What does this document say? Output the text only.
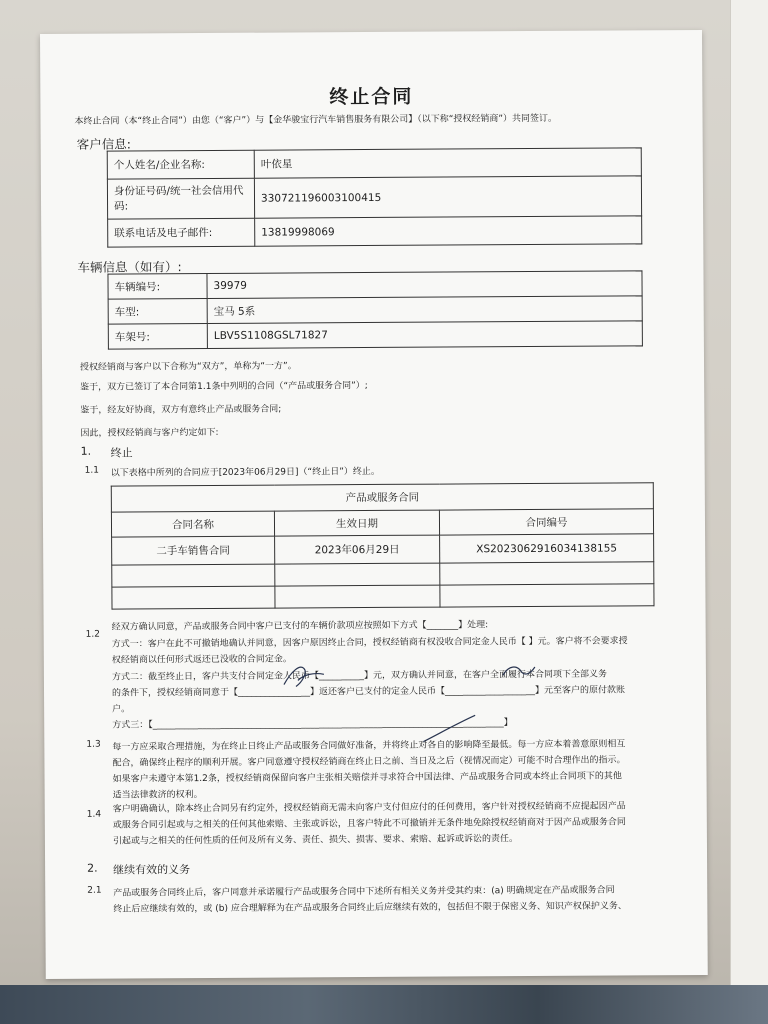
终止合同
本终止合同（本“终止合同”）由您（“客户”）与【金华骏宝行汽车销售服务有限公司】（以下称“授权经销商”）共同签订。
客户信息:
个人姓名/企业名称:	叶依星
身份证号码/统一社会信用代码:	330721196003100415
联系电话及电子邮件:	13819998069
车辆信息（如有）:
车辆编号:	39979
车型:	宝马 5系
车架号:	LBV5S1108GSL71827
授权经销商与客户以下合称为“双方”，单称为“一方”。
鉴于，双方已签订了本合同第1.1条中列明的合同（“产品或服务合同”）;
鉴于，经友好协商，双方有意终止产品或服务合同;
因此，授权经销商与客户约定如下:
1. 终止
1.1 以下表格中所列的合同应于[2023年06月29日]（“终止日”）终止。
产品或服务合同		
合同名称	生效日期	合同编号
二手车销售合同	2023年06月29日	XS20230629160341​38155

1.2
经双方确认同意，产品或服务合同中客户已支付的车辆价款项应按照如下方式【_______】处理:
方式一：客户在此不可撤销地确认并同意，因客户原因终止合同，授权经销商有权没收合同定金人民币【 】元。客户将不会要求授
权经销商以任何形式返还已没收的合同定金。
方式二：截至终止日，客户共支付合同定金人民币【__________】元，双方确认并同意，在客户全面履行本合同项下全部义务
的条件下，授权经销商同意于【________________】返还客户已支付的定金人民币【____________________】元至客户的原付款账
户。
方式三：【______________________________________________________________________________】
1.3 每一方应采取合理措施，为在终止日终止产品或服务合同做好准备，并将终止对各自的影响降至最低。每一方应本着善意原则相互
配合，确保终止程序的顺利开展。客户同意遵守授权经销商在终止日之前、当日及之后（视情况而定）可能不时合理作出的指示。
如果客户未遵守本第1.2条，授权经销商保留向客户主张相关赔偿并寻求符合中国法律、产品或服务合同或本终止合同项下的其他
适当法律救济的权利。
1.4
客户明确确认，除本终止合同另有约定外，授权经销商无需未向客户支付但应付的任何费用，客户针对授权经销商不应提起因产品
或服务合同引起或与之相关的任何其他索赔、主张或诉讼，且客户特此不可撤销并无条件地免除授权经销商对于因产品或服务合同
引起或与之相关的任何性质的任何及所有义务、责任、损失、损害、要求、索赔、起诉或诉讼的责任。
2. 继续有效的义务
2.1 产品或服务合同终止后，客户同意并承诺履行产品或服务合同中下述所有相关义务并受其约束：(a) 明确规定在产品或服务合同
终止后应继续有效的，或 (b) 应合理解释为在产品或服务合同终止后应继续有效的，包括但不限于保密义务、知识产权保护义务、
